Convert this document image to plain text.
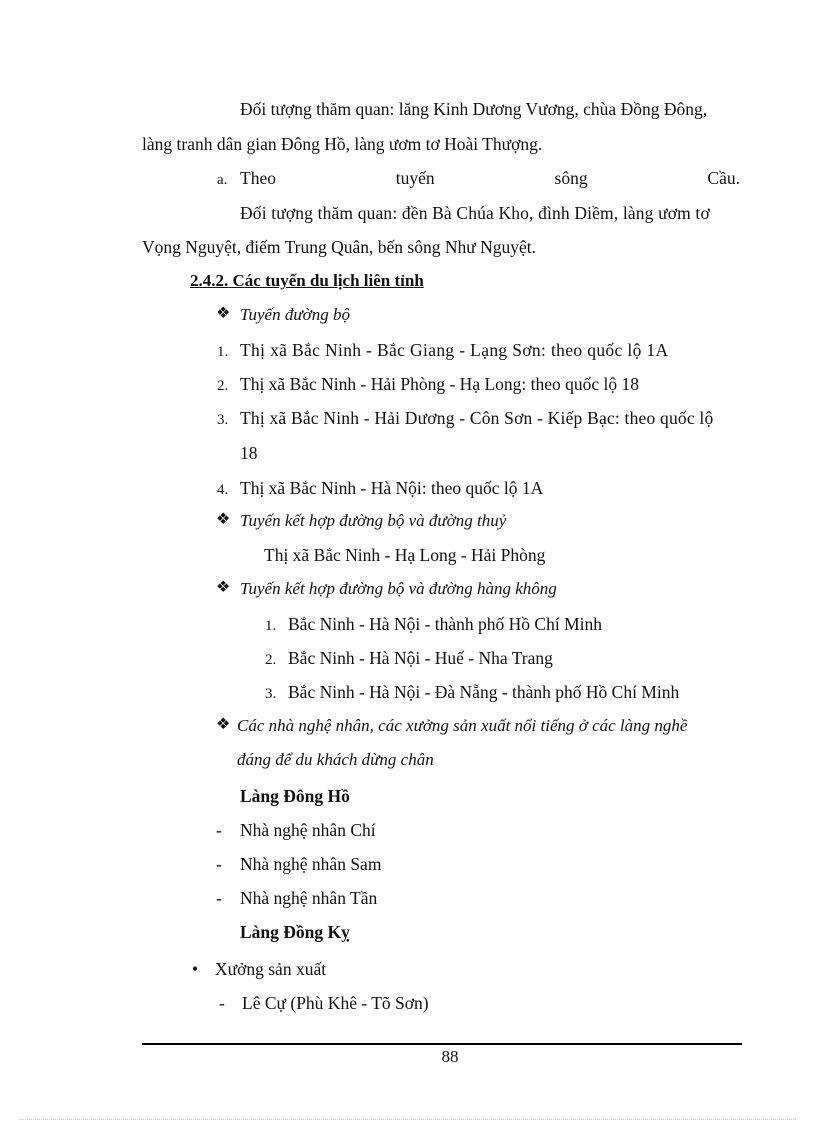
Đối tượng thăm quan: lăng Kinh Dương Vương, chùa Đồng Đông,
làng tranh dân gian Đông Hồ, làng ươm tơ Hoài Thượng.
a. Theo	tuyến	sông	Cầu.
Đối tượng thăm quan: đền Bà Chúa Kho, đình Diềm, làng ươm tơ
Vọng Nguyệt, điếm Trung Quân, bến sông Như Nguyệt.
2.4.2. Các tuyến du lịch liên tỉnh
❖ Tuyến đường bộ
1. Thị xã Bắc Ninh - Bắc Giang - Lạng Sơn: theo quốc lộ 1A
2. Thị xã Bắc Ninh - Hải Phòng - Hạ Long: theo quốc lộ 18
3. Thị xã Bắc Ninh - Hải Dương - Côn Sơn - Kiếp Bạc: theo quốc lộ
18
4. Thị xã Bắc Ninh - Hà Nội: theo quốc lộ 1A
❖ Tuyến kết hợp đường bộ và đường thuỷ
Thị xã Bắc Ninh - Hạ Long - Hải Phòng
❖ Tuyến kết hợp đường bộ và đường hàng không
1. Bắc Ninh - Hà Nội - thành phố Hồ Chí Minh
2. Bắc Ninh - Hà Nội - Huế - Nha Trang
3. Bắc Ninh - Hà Nội - Đà Nẵng - thành phố Hồ Chí Minh
❖ Các nhà nghệ nhân, các xưởng sản xuất nổi tiếng ở các làng nghề
đáng để du khách dừng chân
Làng Đông Hồ
- Nhà nghệ nhân Chí
- Nhà nghệ nhân Sam
- Nhà nghệ nhân Tần
Làng Đồng Kỵ
• Xưởng sản xuất
- Lê Cự (Phù Khê - Tõ Sơn)
88
